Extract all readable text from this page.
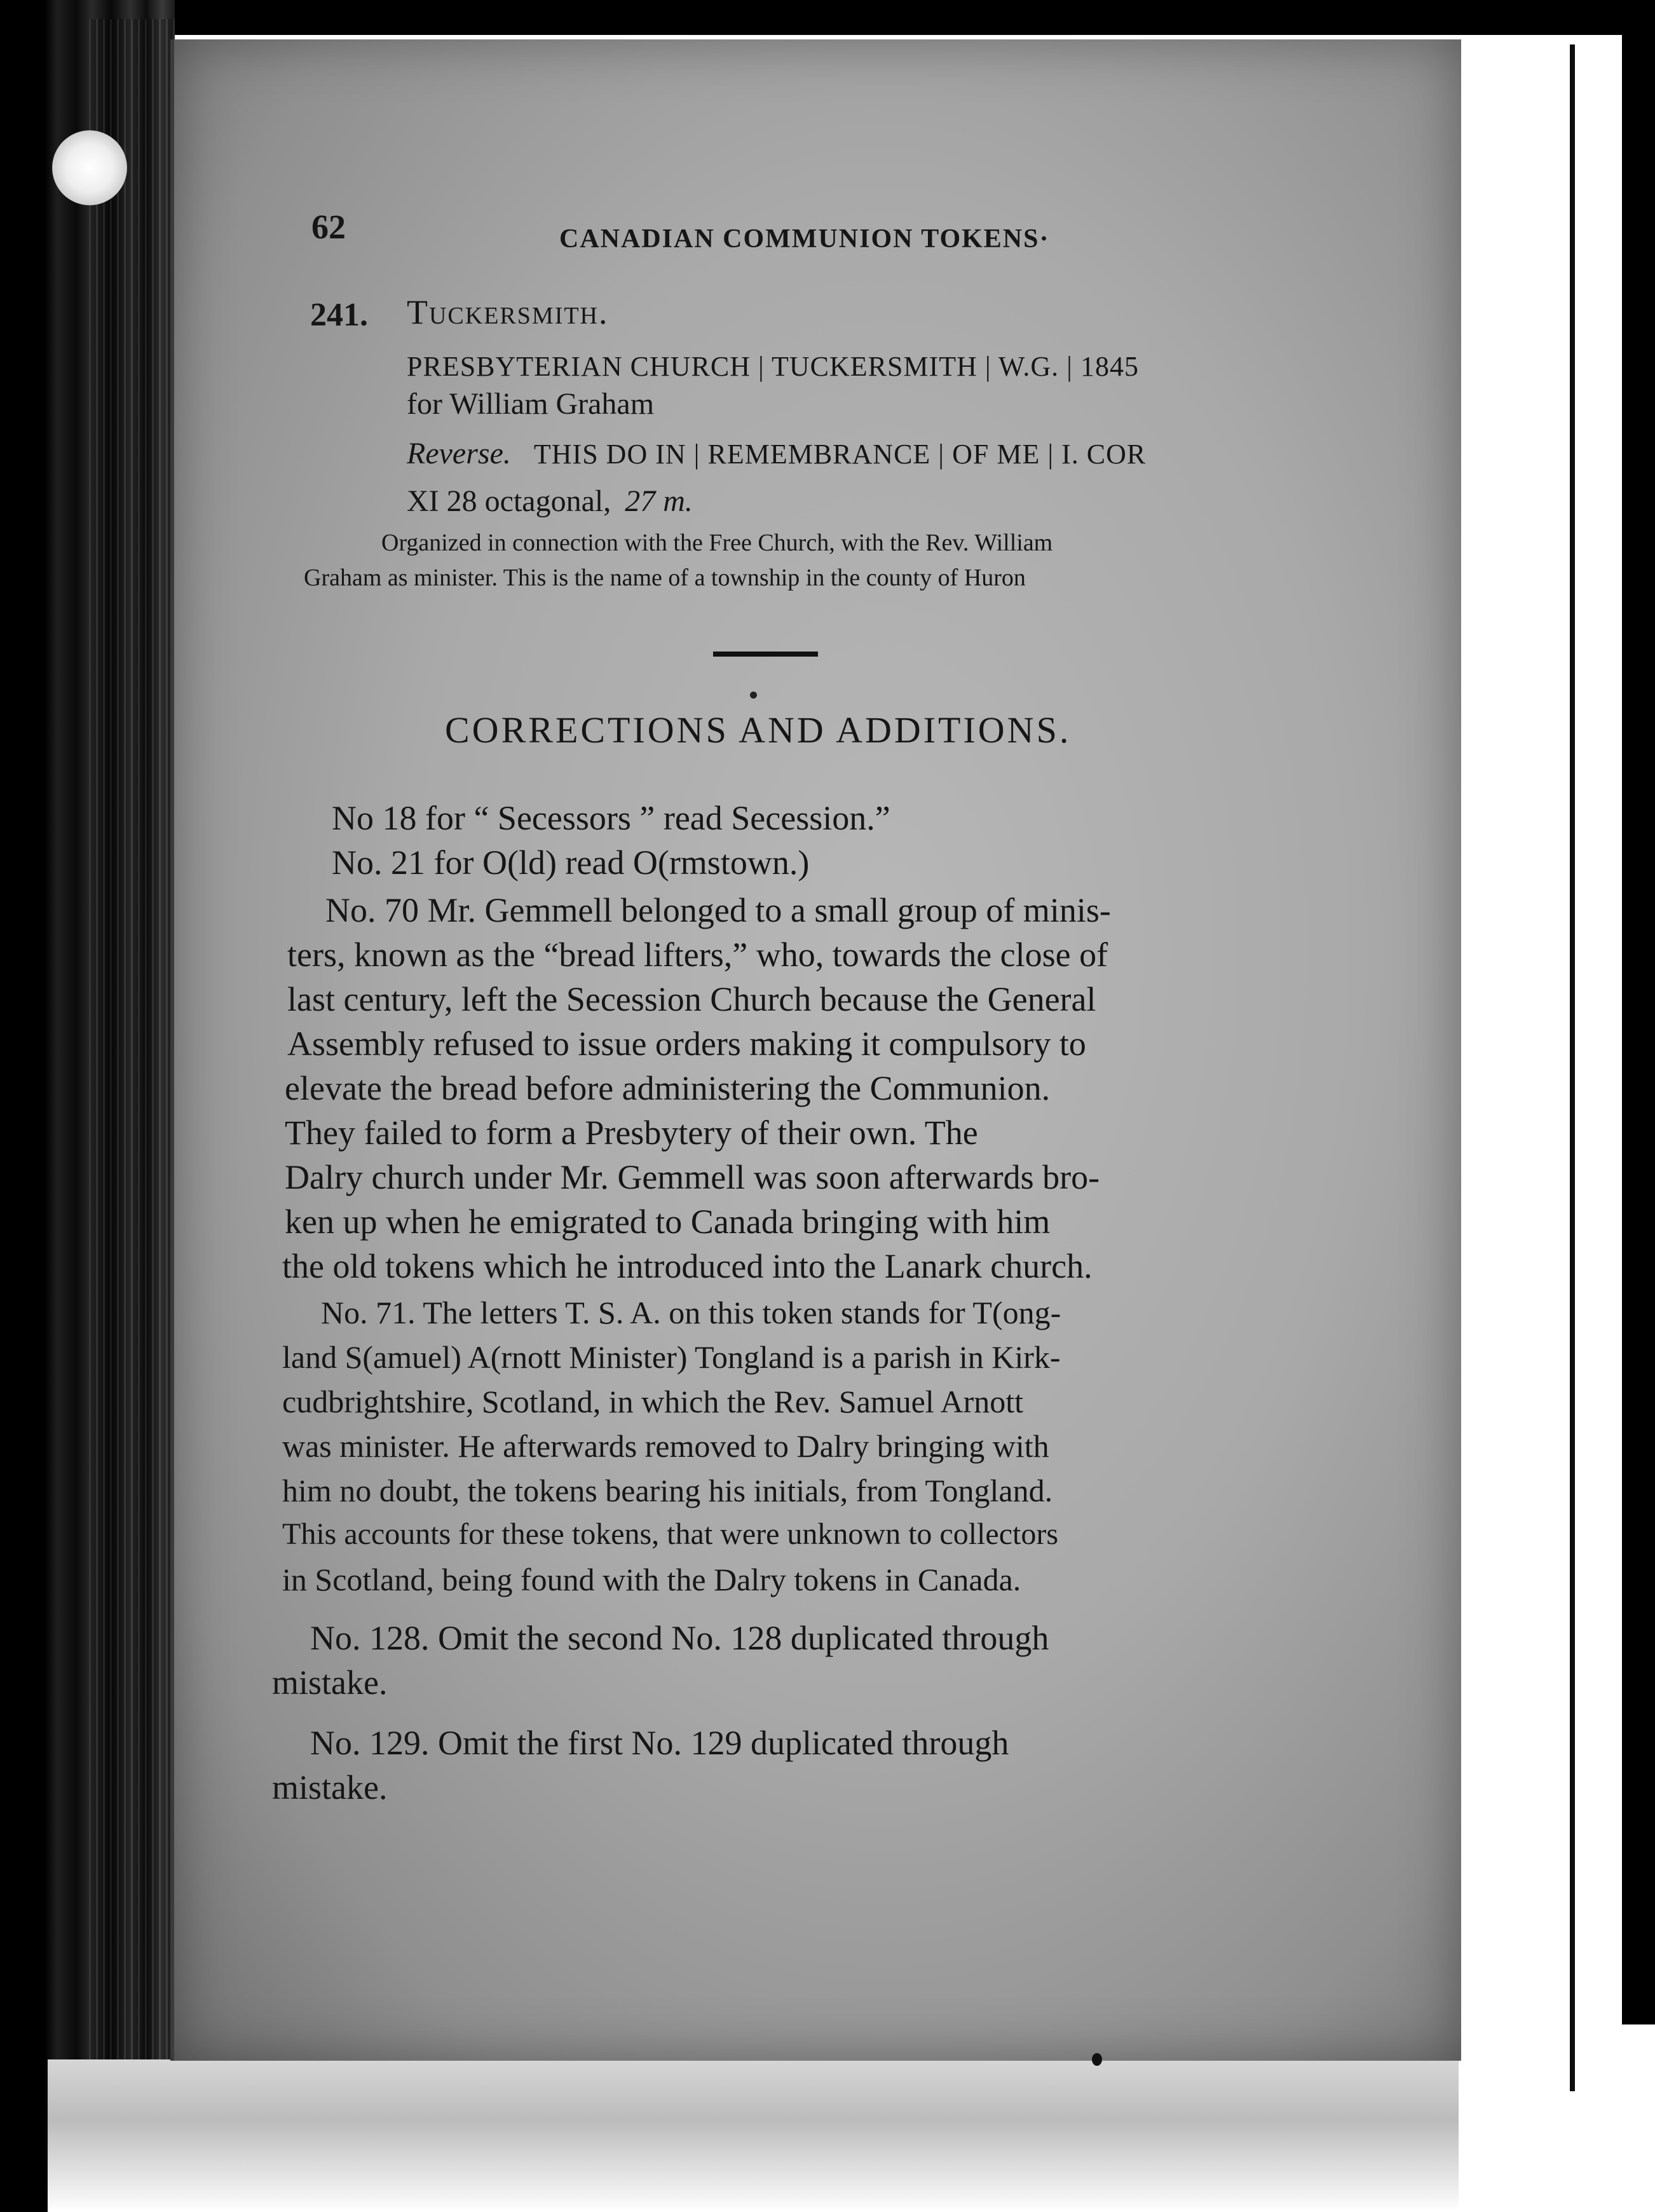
62	CANADIAN COMMUNION TOKENS·

241. Tuckersmith.

PRESBYTERIAN CHURCH | TUCKERSMITH | W.G. | 1845

for William Graham

Reverse. THIS DO IN | REMEMBRANCE | OF ME | I. COR

XI 28 octagonal, 27 m.

Organized in connection with the Free Church, with the Rev. William

Graham as minister. This is the name of a township in the county of Huron

CORRECTIONS AND ADDITIONS.

No 18 for “ Secessors ” read Secession.”

No. 21 for O(ld) read O(rmstown.)

No. 70 Mr. Gemmell belonged to a small group of minis-

ters, known as the “bread lifters,” who, towards the close of

last century, left the Secession Church because the General

Assembly refused to issue orders making it compulsory to

elevate the bread before administering the Communion.

They failed to form a Presbytery of their own. The

Dalry church under Mr. Gemmell was soon afterwards bro-

ken up when he emigrated to Canada bringing with him

the old tokens which he introduced into the Lanark church.

No. 71. The letters T. S. A. on this token stands for T(ong-

land S(amuel) A(rnott Minister) Tongland is a parish in Kirk-

cudbrightshire, Scotland, in which the Rev. Samuel Arnott

was minister. He afterwards removed to Dalry bringing with

him no doubt, the tokens bearing his initials, from Tongland.

This accounts for these tokens, that were unknown to collectors

in Scotland, being found with the Dalry tokens in Canada.

No. 128. Omit the second No. 128 duplicated through

mistake.

No. 129. Omit the first No. 129 duplicated through

mistake.
